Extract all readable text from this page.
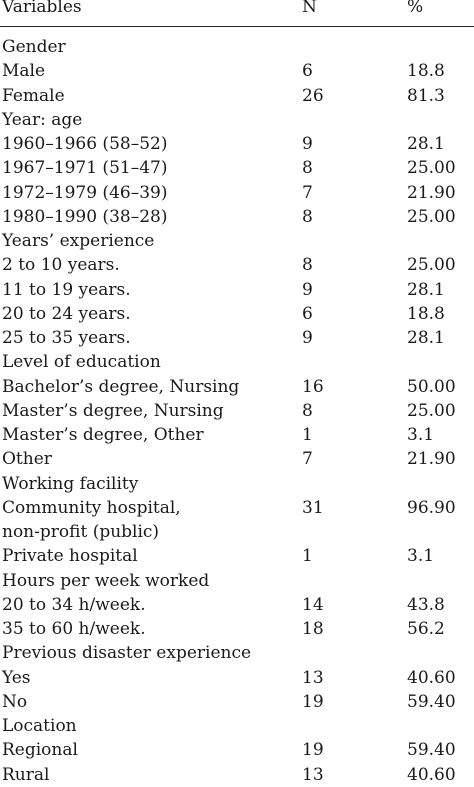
Variables	N	%
Gender
Male	6	18.8
Female	26	81.3
Year: age
1960–1966 (58–52)	9	28.1
1967–1971 (51–47)	8	25.00
1972–1979 (46–39)	7	21.90
1980–1990 (38–28)	8	25.00
Years’ experience
2 to 10 years.	8	25.00
11 to 19 years.	9	28.1
20 to 24 years.	6	18.8
25 to 35 years.	9	28.1
Level of education
Bachelor’s degree, Nursing	16	50.00
Master’s degree, Nursing	8	25.00
Master’s degree, Other	1	3.1
Other	7	21.90
Working facility
Community hospital,	31	96.90
non-profit (public)
Private hospital	1	3.1
Hours per week worked
20 to 34 h/week.	14	43.8
35 to 60 h/week.	18	56.2
Previous disaster experience
Yes	13	40.60
No	19	59.40
Location
Regional	19	59.40
Rural	13	40.60
